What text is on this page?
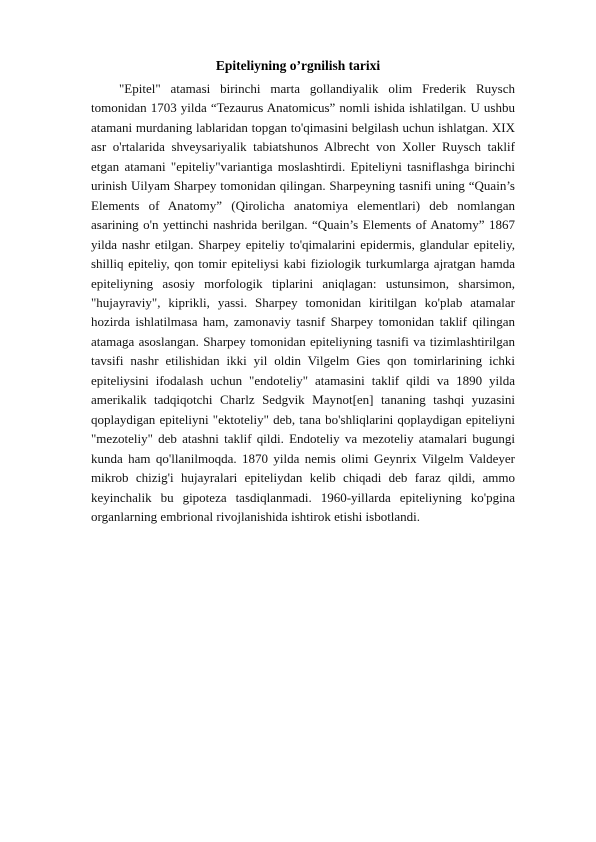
Epiteliyning o’rgnilish tarixi

"Epitel" atamasi birinchi marta gollandiyalik olim Frederik Ruysch tomonidan 1703 yilda “Tezaurus Anatomicus” nomli ishida ishlatilgan. U ushbu atamani murdaning lablaridan topgan to'qimasini belgilash uchun ishlatgan. XIX asr o'rtalarida shveysariyalik tabiatshunos Albrecht von Xoller Ruysch taklif etgan atamani "epiteliy"variantiga moslashtirdi. Epiteliyni tasniflashga birinchi urinish Uilyam Sharpey tomonidan qilingan. Sharpeyning tasnifi uning “Quain’s Elements of Anatomy” (Qirolicha anatomiya elementlari) deb nomlangan asarining o'n yettinchi nashrida berilgan. “Quain’s Elements of Anatomy” 1867 yilda nashr etilgan. Sharpey epiteliy to'qimalarini epidermis, glandular epiteliy, shilliq epiteliy, qon tomir epiteliysi kabi fiziologik turkumlarga ajratgan hamda epiteliyning asosiy morfologik tiplarini aniqlagan: ustunsimon, sharsimon, "hujayraviy", kiprikli, yassi. Sharpey tomonidan kiritilgan ko'plab atamalar hozirda ishlatilmasa ham, zamonaviy tasnif Sharpey tomonidan taklif qilingan atamaga asoslangan. Sharpey tomonidan epiteliyning tasnifi va tizimlashtirilgan tavsifi nashr etilishidan ikki yil oldin Vilgelm Gies qon tomirlarining ichki epiteliysini ifodalash uchun "endoteliy" atamasini taklif qildi va 1890 yilda amerikalik tadqiqotchi Charlz Sedgvik Maynot[en] tananing tashqi yuzasini qoplaydigan epiteliyni "ektoteliy" deb, tana bo'shliqlarini qoplaydigan epiteliyni "mezoteliy" deb atashni taklif qildi. Endoteliy va mezoteliy atamalari bugungi kunda ham qo'llanilmoqda. 1870 yilda nemis olimi Geynrix Vilgelm Valdeyer mikrob chizig'i hujayralari epiteliydan kelib chiqadi deb faraz qildi, ammo keyinchalik bu gipoteza tasdiqlanmadi. 1960-yillarda epiteliyning ko'pgina organlarning embrional rivojlanishida ishtirok etishi isbotlandi.
